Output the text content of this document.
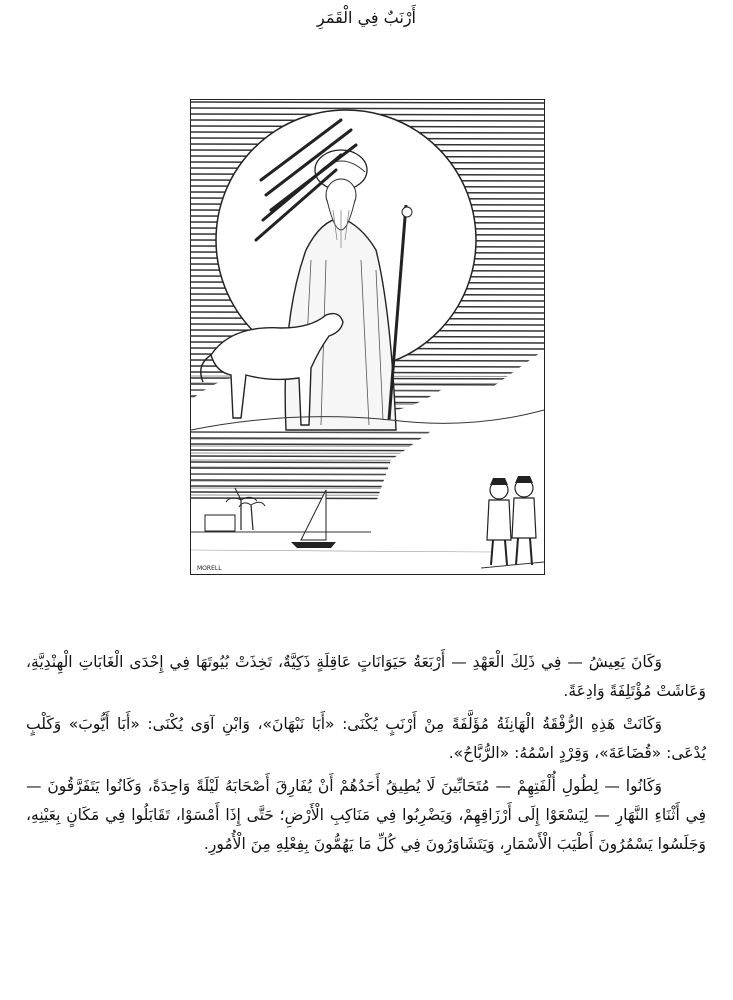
أَرْنَبٌ فِي الْقَمَرِ
MORELL

وَكَانَ يَعِيشُ — فِي ذَلِكَ الْعَهْدِ — أَرْبَعَةُ حَيَوَانَاتٍ عَاقِلَةٍ ذَكِيَّةٌ، تَخِذَتْ بُيُوتَهَا فِي إِحْدَى الْغَابَاتِ الْهِنْدِيَّةِ، وَعَاشَتْ مُؤْتَلِفَةً وَادِعَةً.

وَكَانَتْ هَذِهِ الرُّفْقَةُ الْهَانِئَةُ مُؤَلَّفَةً مِنْ أَرْنَبٍ يُكْنَى: «أَبَا نَبْهَانَ»، وَابْنِ آوَى يُكْنَى: «أَبَا أَيُّوبَ» وَكَلْبٍ يُدْعَى: «قُضَاعَةَ»، وَقِرْدٍ اسْمُهُ: «الرُّبَّاحُ».

وَكَانُوا — لِطُولِ أُلْفَتِهِمْ — مُتَحَابِّينَ لَا يُطِيقُ أَحَدُهُمْ أَنْ يُفَارِقَ أَصْحَابَهُ لَيْلَةً وَاحِدَةً، وَكَانُوا يَتَفَرَّقُونَ — فِي أَثْنَاءِ النَّهَارِ — لِيَسْعَوْا إِلَى أَرْزَاقِهِمْ، وَيَضْرِبُوا فِي مَنَاكِبِ الْأَرْضِ؛ حَتَّى إِذَا أَمْسَوْا، تَقَابَلُوا فِي مَكَانٍ بِعَيْنِهِ، وَجَلَسُوا يَسْمُرُونَ أَطْيَبَ الْأَسْمَارِ، وَيَتَشَاوَرُونَ فِي كُلِّ مَا يَهُمُّونَ بِفِعْلِهِ مِنَ الْأُمُورِ.
